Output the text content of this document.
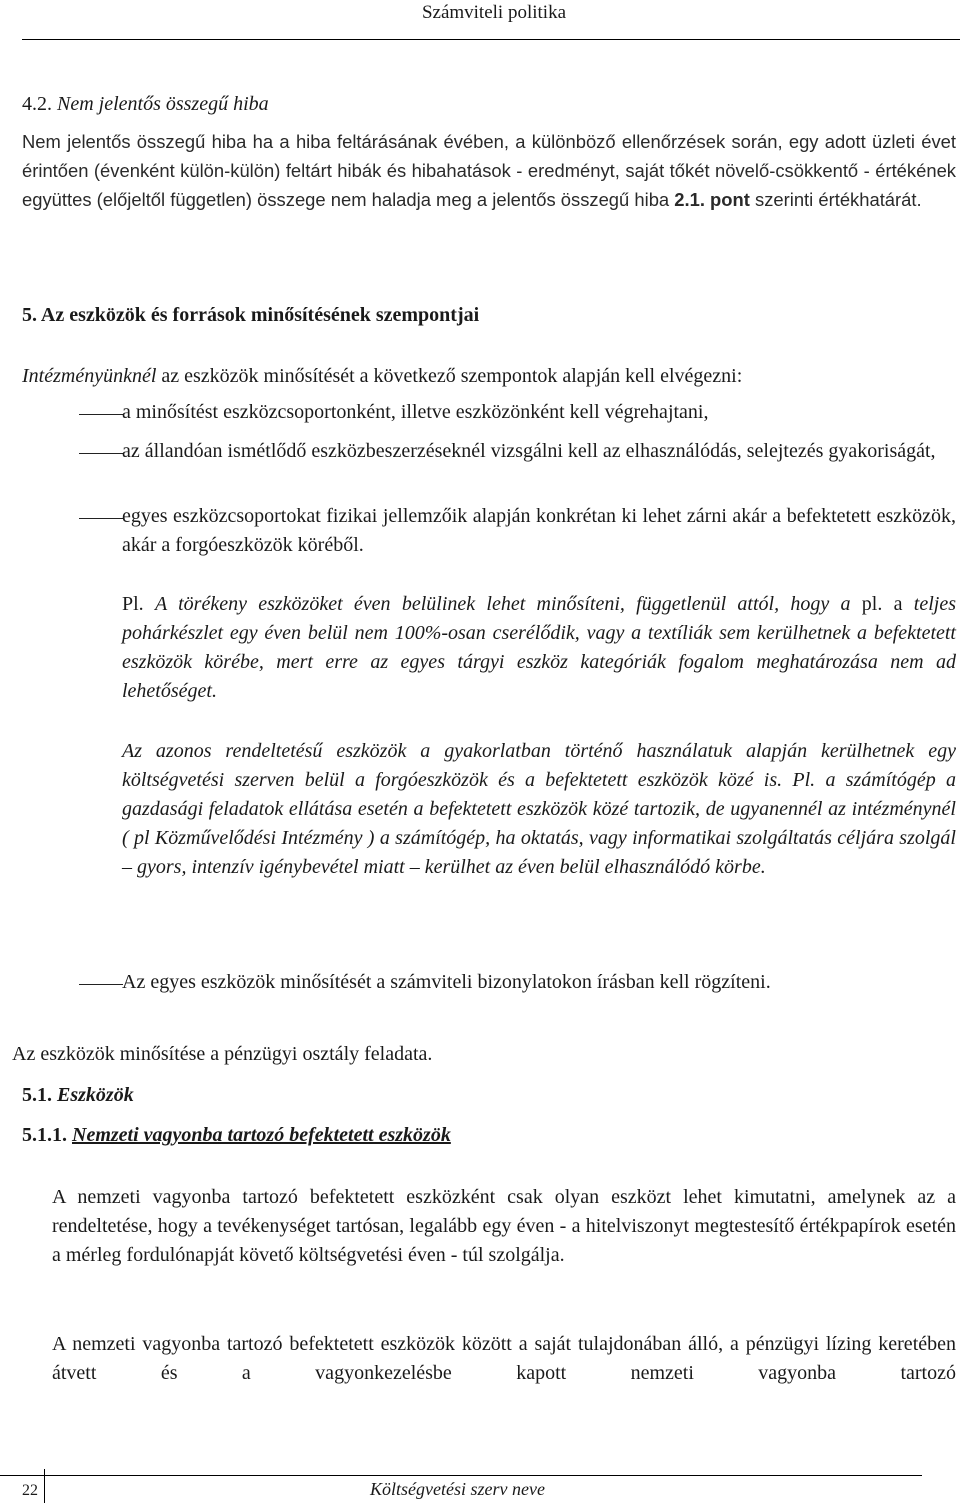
Számviteli politika
4.2. Nem jelentős összegű hiba
Nem jelentős összegű hiba ha a hiba feltárásának évében, a különböző ellenőrzések során, egy adott üzleti évet érintően (évenként külön-külön) feltárt hibák és hibahatások - eredményt, saját tőkét növelő-csökkentő - értékének együttes (előjeltől független) összege nem haladja meg a jelentős összegű hiba 2.1. pont szerinti értékhatárát.
5. Az eszközök és források minősítésének szempontjai
Intézményünknél az eszközök minősítését a következő szempontok alapján kell elvégezni:
a minősítést eszközcsoportonként, illetve eszközönként kell végrehajtani,
az állandóan ismétlődő eszközbeszerzéseknél vizsgálni kell az elhasználódás, selejtezés gyakoriságát,
egyes eszközcsoportokat fizikai jellemzőik alapján konkrétan ki lehet zárni akár a befektetett eszközök, akár a forgóeszközök köréből.
Pl. A törékeny eszközöket éven belülinek lehet minősíteni, függetlenül attól, hogy a pl. a teljes pohárkészlet egy éven belül nem 100%-osan cserélődik, vagy a textíliák sem kerülhetnek a befektetett eszközök körébe, mert erre az egyes tárgyi eszköz kategóriák fogalom meghatározása nem ad lehetőséget.
Az azonos rendeltetésű eszközök a gyakorlatban történő használatuk alapján kerülhetnek egy költségvetési szerven belül a forgóeszközök és a befektetett eszközök közé is. Pl. a számítógép a gazdasági feladatok ellátása esetén a befektetett eszközök közé tartozik, de ugyanennél az intézménynél ( pl Közművelődési Intézmény ) a számítógép, ha oktatás, vagy informatikai szolgáltatás céljára szolgál – gyors, intenzív igénybevétel miatt – kerülhet az éven belül elhasználódó körbe.
Az egyes eszközök minősítését a számviteli bizonylatokon írásban kell rögzíteni.
Az eszközök minősítése a pénzügyi osztály feladata.
5.1. Eszközök
5.1.1. Nemzeti vagyonba tartozó befektetett eszközök
A nemzeti vagyonba tartozó befektetett eszközként csak olyan eszközt lehet kimutatni, amelynek az a rendeltetése, hogy a tevékenységet tartósan, legalább egy éven - a hitelviszonyt megtestesítő értékpapírok esetén a mérleg fordulónapját követő költségvetési éven - túl szolgálja.
A nemzeti vagyonba tartozó befektetett eszközök között a saját tulajdonában álló, a pénzügyi lízing keretében átvett és a vagyonkezelésbe kapott nemzeti vagyonba tartozó
22	Költségvetési szerv neve
